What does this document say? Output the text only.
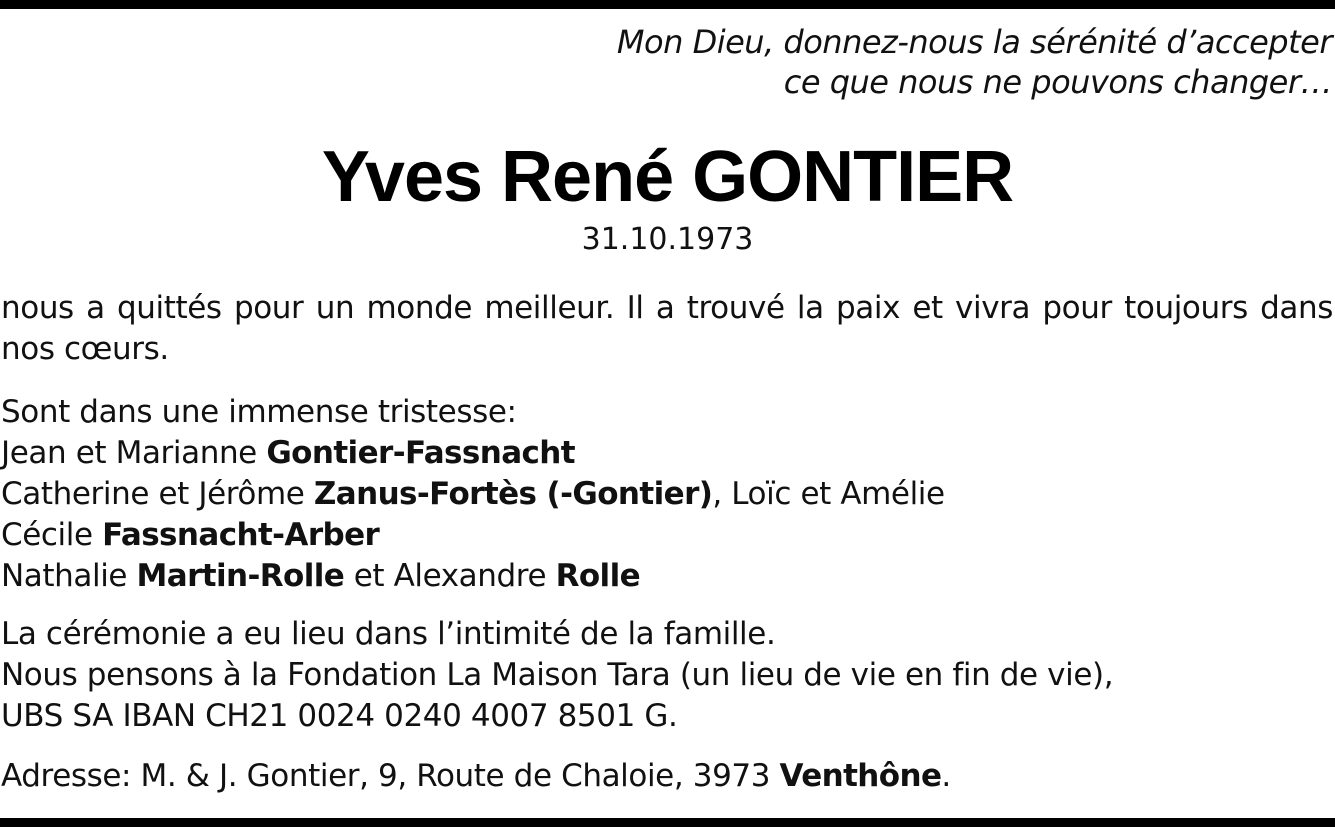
Mon Dieu, donnez-nous la sérénité d’accepter
ce que nous ne pouvons changer…
Yves René GONTIER
31.10.1973
nous a quittés pour un monde meilleur. Il a trouvé la paix et vivra pour toujours dans nos cœurs.
Sont dans une immense tristesse:
Jean et Marianne Gontier-Fassnacht
Catherine et Jérôme Zanus-Fortès (-Gontier), Loïc et Amélie
Cécile Fassnacht-Arber
Nathalie Martin-Rolle et Alexandre Rolle
La cérémonie a eu lieu dans l’intimité de la famille.
Nous pensons à la Fondation La Maison Tara (un lieu de vie en fin de vie),
UBS SA IBAN CH21 0024 0240 4007 8501 G.
Adresse: M. & J. Gontier, 9, Route de Chaloie, 3973 Venthône.
